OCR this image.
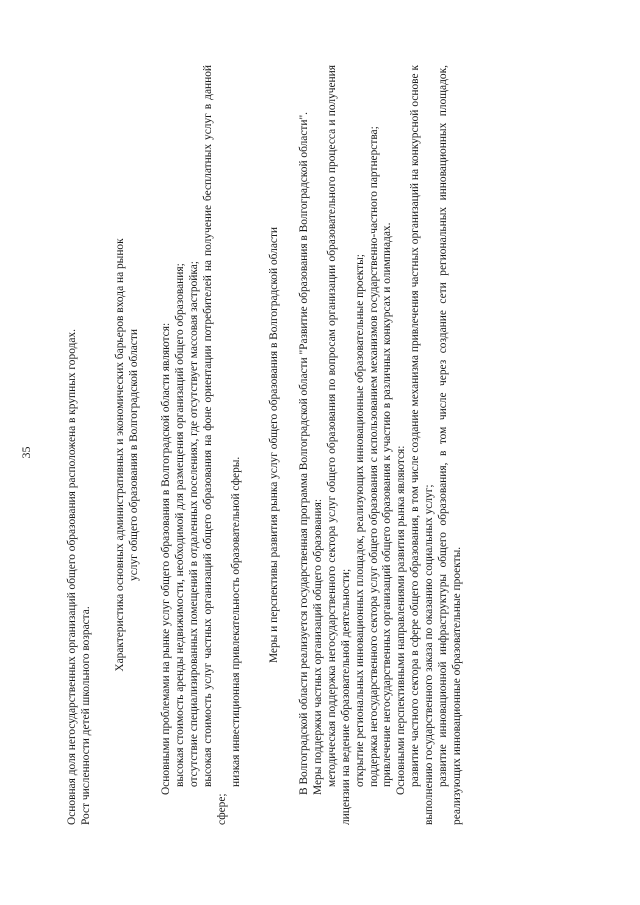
35	Основная доля негосударственных организаций общего образования расположена в крупных городах. Рост численности детей школьного возраста.

Характеристика основных административных и экономических барьеров входа на рынок услуг общего образования в Волгоградской области Основными проблемами на рынке услуг общего образования в Волгоградской области являются: высокая стоимость аренды недвижимости, необходимой для размещения организаций общего образования; отсутствие специализированных помещений в отдаленных поселениях, где отсутствует массовая застройка; высокая стоимость услуг частных организаций общего образования на фоне ориентации потребителей на получение бесплатных услуг в данной сфере;

низкая инвестиционная привлекательность образовательной сферы. Меры и перспективы развития рынка услуг общего образования в Волгоградской области В Волгоградской области реализуется государственная программа Волгоградской области "Развитие образования в Волгоградской области". Меры поддержки частных организаций общего образования: методическая поддержка негосударственного сектора услуг общего образования по вопросам организации образовательного процесса и получения лицензии на ведение образовательной деятельности; открытие региональных инновационных площадок, реализующих инновационные образовательные проекты; поддержка негосударственного сектора услуг общего образования с использованием механизмов государственно-частного партнерства; привлечение негосударственных организаций общего образования к участию в различных конкурсах и олимпиадах. Основными перспективными направлениями развития рынка являются: развитие частного сектора в сфере общего образования, в том числе создание механизма привлечения частных организаций на конкурсной основе к выполнению государственного заказа по оказанию социальных услуг; развитие инновационной инфраструктуры общего образования, в том числе через создание сети региональных инновационных площадок, реализующих инновационные образовательные проекты.
